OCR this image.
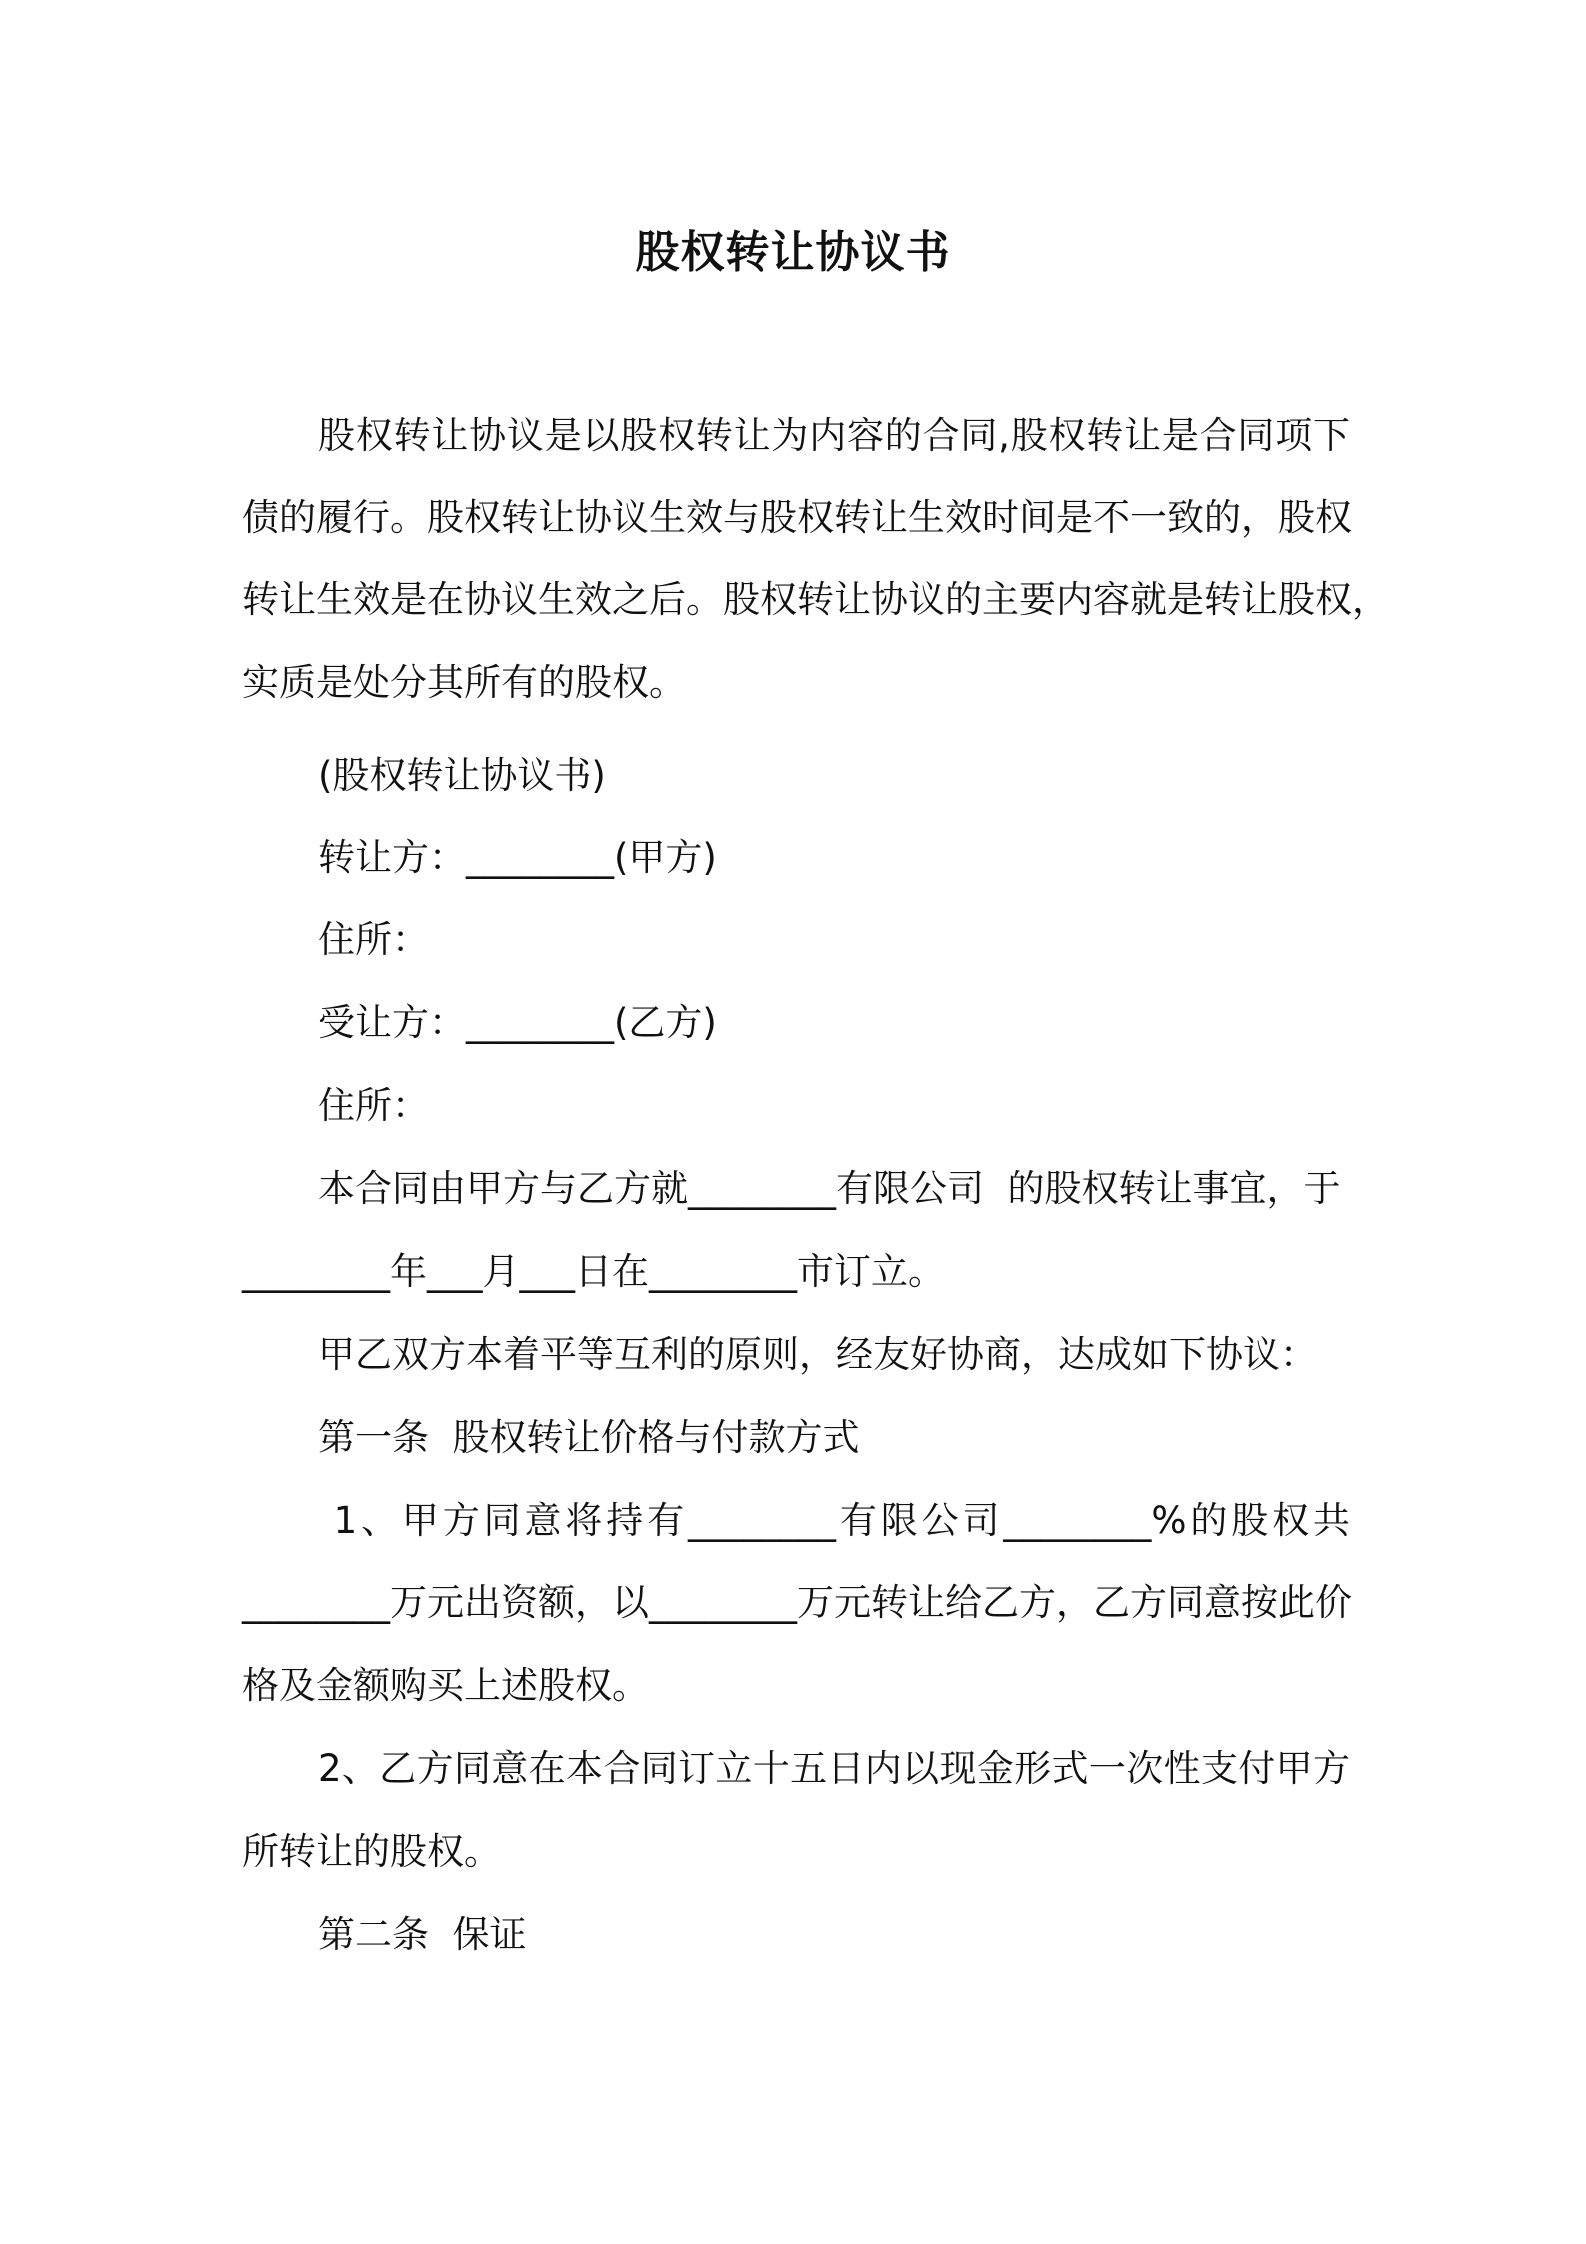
股权转让协议书
股权转让协议是以股权转让为内容的合同,股权转让是合同项下
债的履行。股权转让协议生效与股权转让生效时间是不一致的，股权
转让生效是在协议生效之后。股权转让协议的主要内容就是转让股权，
实质是处分其所有的股权。
(股权转让协议书)
转让方：________(甲方)
住所：
受让方：________(乙方)
住所：
本合同由甲方与乙方就________有限公司  的股权转让事宜，于
________年___月___日在________市订立。
甲乙双方本着平等互利的原则，经友好协商，达成如下协议：
第一条  股权转让价格与付款方式
1、甲方同意将持有________有限公司________%的股权共
________万元出资额，以________万元转让给乙方，乙方同意按此价
格及金额购买上述股权。
2、乙方同意在本合同订立十五日内以现金形式一次性支付甲方
所转让的股权。
第二条  保证
